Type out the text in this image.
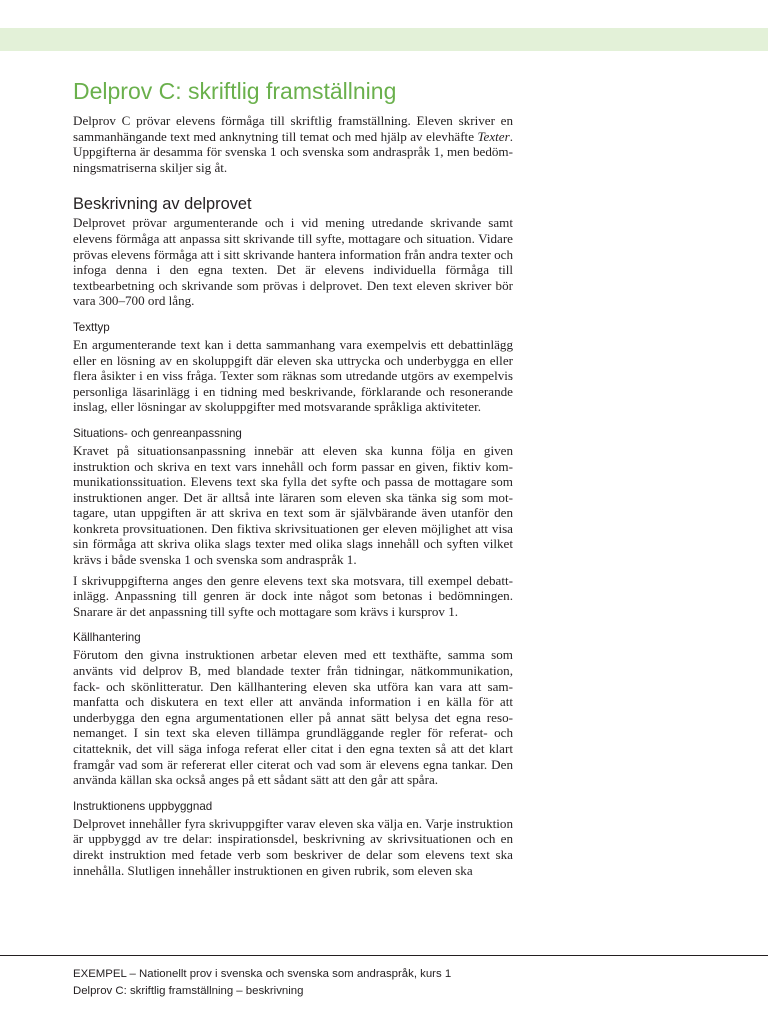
Delprov C: skriftlig framställning

Delprov C prövar elevens förmåga till skriftlig framställning. Eleven skriver en sammanhängande text med anknytning till temat och med hjälp av elevhäfte Texter. Uppgifterna är desamma för svenska 1 och svenska som andraspråk 1, men bedömningsmatriserna skiljer sig åt.

Beskrivning av delprovet

Delprovet prövar argumenterande och i vid mening utredande skrivande samt elevens förmåga att anpassa sitt skrivande till syfte, mottagare och situation. Vidare prövas elevens förmåga att i sitt skrivande hantera information från andra texter och infoga denna i den egna texten. Det är elevens individuella förmåga till textbearbetning och skrivande som prövas i delprovet. Den text eleven skriver bör vara 300–700 ord lång.

Texttyp

En argumenterande text kan i detta sammanhang vara exempelvis ett debattinlägg eller en lösning av en skoluppgift där eleven ska uttrycka och underbygga en eller flera åsikter i en viss fråga. Texter som räknas som utredande utgörs av exempelvis personliga läsarinlägg i en tidning med beskrivande, förklarande och resonerande inslag, eller lösningar av skoluppgifter med motsvarande språkliga aktiviteter.

Situations- och genreanpassning

Kravet på situationsanpassning innebär att eleven ska kunna följa en given instruktion och skriva en text vars innehåll och form passar en given, fiktiv kommunikationssituation. Elevens text ska fylla det syfte och passa de mottagare som instruktionen anger. Det är alltså inte läraren som eleven ska tänka sig som mottagare, utan uppgiften är att skriva en text som är självbärande även utanför den konkreta provsituationen. Den fiktiva skrivsituationen ger eleven möjlighet att visa sin förmåga att skriva olika slags texter med olika slags innehåll och syften vilket krävs i både svenska 1 och svenska som andraspråk 1.

I skrivuppgifterna anges den genre elevens text ska motsvara, till exempel debattinlägg. Anpassning till genren är dock inte något som betonas i bedömningen. Snarare är det anpassning till syfte och mottagare som krävs i kursprov 1.

Källhantering

Förutom den givna instruktionen arbetar eleven med ett texthäfte, samma som använts vid delprov B, med blandade texter från tidningar, nätkommunikation, fack- och skönlitteratur. Den källhantering eleven ska utföra kan vara att sammanfatta och diskutera en text eller att använda information i en källa för att underbygga den egna argumentationen eller på annat sätt belysa det egna resonemanget. I sin text ska eleven tillämpa grundläggande regler för referat- och citatteknik, det vill säga infoga referat eller citat i den egna texten så att det klart framgår vad som är refererat eller citerat och vad som är elevens egna tankar. Den använda källan ska också anges på ett sådant sätt att den går att spåra.

Instruktionens uppbyggnad

Delprovet innehåller fyra skrivuppgifter varav eleven ska välja en. Varje instruktion är uppbyggd av tre delar: inspirationsdel, beskrivning av skrivsituationen och en direkt instruktion med fetade verb som beskriver de delar som elevens text ska innehålla. Slutligen innehåller instruktionen en given rubrik, som eleven ska

EXEMPEL – Nationellt prov i svenska och svenska som andraspråk, kurs 1
Delprov C: skriftlig framställning – beskrivning
